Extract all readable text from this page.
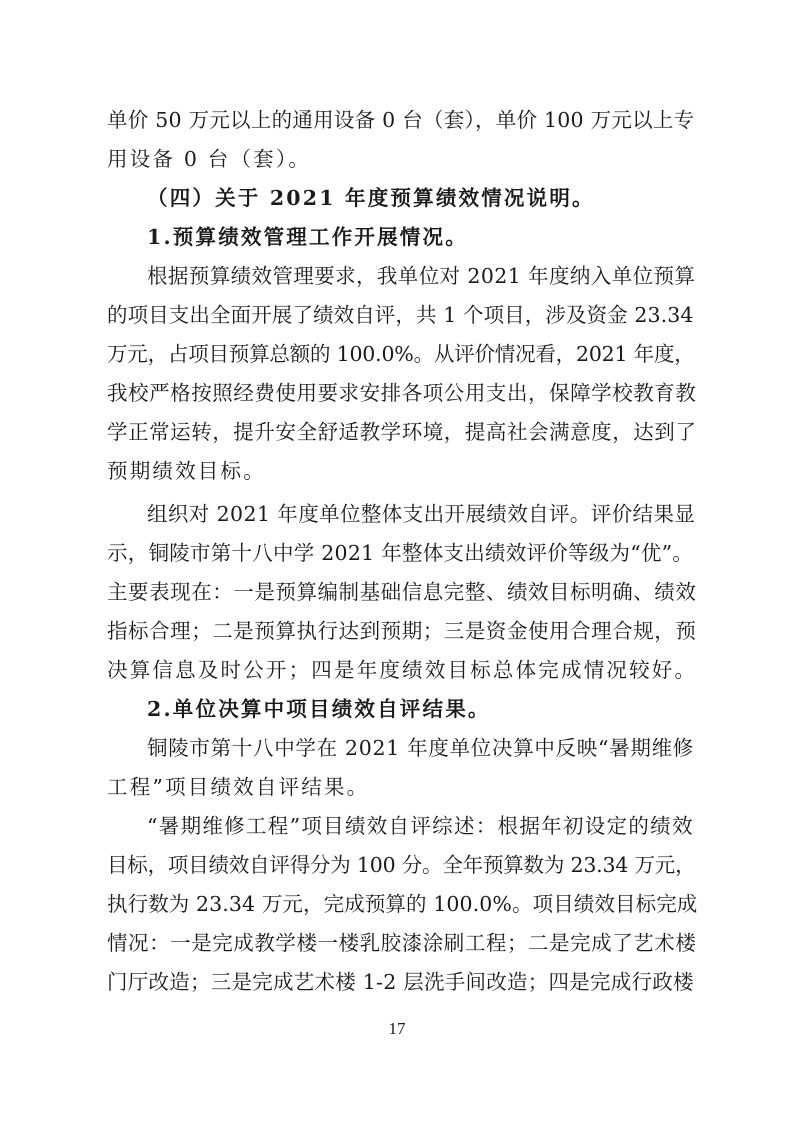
单价 50 万元以上的通用设备 0 台（套），单价 100 万元以上专
用设备 0 台（套）。
（四）关于 2021 年度预算绩效情况说明。
1.预算绩效管理工作开展情况。
根据预算绩效管理要求，我单位对 2021 年度纳入单位预算
的项目支出全面开展了绩效自评，共 1 个项目，涉及资金 23.34
万元，占项目预算总额的 100.0%。从评价情况看，2021 年度，
我校严格按照经费使用要求安排各项公用支出，保障学校教育教
学正常运转，提升安全舒适教学环境，提高社会满意度，达到了
预期绩效目标。
组织对 2021 年度单位整体支出开展绩效自评。评价结果显
示，铜陵市第十八中学 2021 年整体支出绩效评价等级为“优”。
主要表现在：一是预算编制基础信息完整、绩效目标明确、绩效
指标合理；二是预算执行达到预期；三是资金使用合理合规，预
决算信息及时公开；四是年度绩效目标总体完成情况较好。
2.单位决算中项目绩效自评结果。
铜陵市第十八中学在 2021 年度单位决算中反映“暑期维修
工程”项目绩效自评结果。
“暑期维修工程”项目绩效自评综述：根据年初设定的绩效
目标，项目绩效自评得分为 100 分。全年预算数为 23.34 万元，
执行数为 23.34 万元，完成预算的 100.0%。项目绩效目标完成
情况：一是完成教学楼一楼乳胶漆涂刷工程；二是完成了艺术楼
门厅改造；三是完成艺术楼 1-2 层洗手间改造；四是完成行政楼
17
